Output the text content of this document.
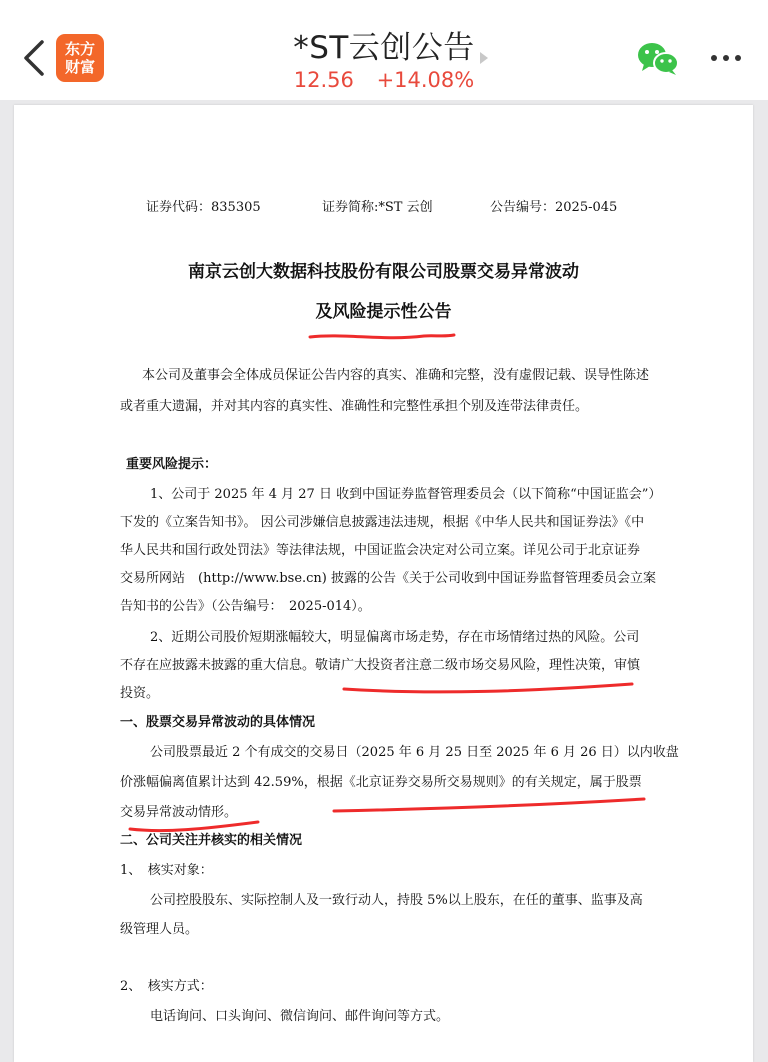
东方
财富
*ST云创公告
12.56 +14.08%
证券代码：835305	证券简称:*ST 云创	公告编号：2025-045
南京云创大数据科技股份有限公司股票交易异常波动
及风险提示性公告
本公司及董事会全体成员保证公告内容的真实、准确和完整，没有虚假记载、误导性陈述
或者重大遗漏，并对其内容的真实性、准确性和完整性承担个别及连带法律责任。
重要风险提示：
1、公司于 2025 年 4 月 27 日 收到中国证券监督管理委员会（以下简称“中国证监会”）
下发的《立案告知书》。 因公司涉嫌信息披露违法违规，根据《中华人民共和国证券法》《中
华人民共和国行政处罚法》等法律法规，中国证监会决定对公司立案。详见公司于北京证券
交易所网站　(http://www.bse.cn) 披露的公告《关于公司收到中国证券监督管理委员会立案
告知书的公告》（公告编号：　2025-014）。
2、近期公司股价短期涨幅较大，明显偏离市场走势，存在市场情绪过热的风险。公司
不存在应披露未披露的重大信息。敬请广大投资者注意二级市场交易风险，理性决策，审慎
投资。
一、股票交易异常波动的具体情况
公司股票最近 2 个有成交的交易日（2025 年 6 月 25 日至 2025 年 6 月 26 日）以内收盘
价涨幅偏离值累计达到 42.59%，根据《北京证券交易所交易规则》的有关规定，属于股票
交易异常波动情形。
二、公司关注并核实的相关情况
1、　核实对象：
公司控股股东、实际控制人及一致行动人，持股 5%以上股东，在任的董事、监事及高
级管理人员。
2、　核实方式：
电话询问、口头询问、微信询问、邮件询问等方式。
